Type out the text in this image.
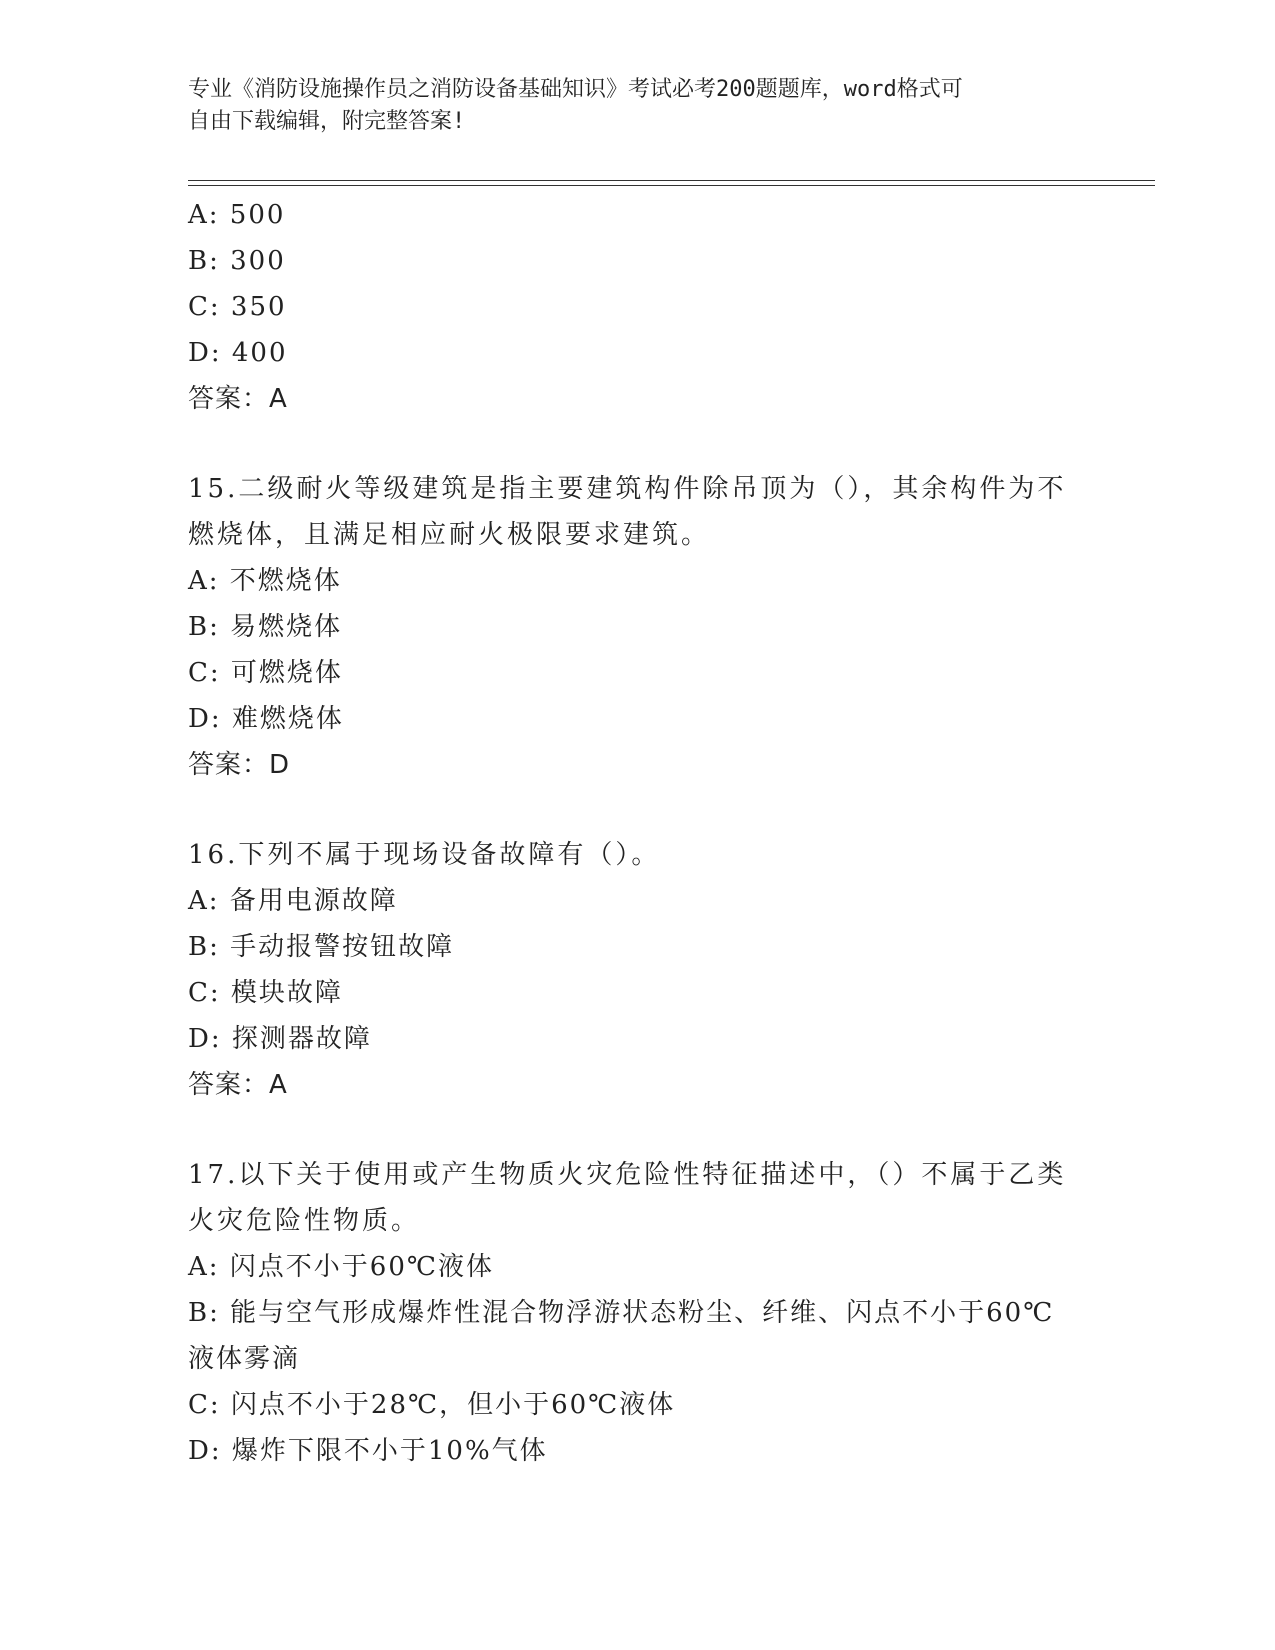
专业《消防设施操作员之消防设备基础知识》考试必考200题题库，word格式可
自由下载编辑，附完整答案!
A: 500
B: 300
C: 350
D: 400
答案：A
15.二级耐火等级建筑是指主要建筑构件除吊顶为（），其余构件为不
燃烧体，且满足相应耐火极限要求建筑。
A: 不燃烧体
B: 易燃烧体
C: 可燃烧体
D: 难燃烧体
答案：D
16.下列不属于现场设备故障有（）。
A: 备用电源故障
B: 手动报警按钮故障
C: 模块故障
D: 探测器故障
答案：A
17.以下关于使用或产生物质火灾危险性特征描述中，（）不属于乙类
火灾危险性物质。
A: 闪点不小于60℃液体
B: 能与空气形成爆炸性混合物浮游状态粉尘、纤维、闪点不小于60℃
液体雾滴
C: 闪点不小于28℃，但小于60℃液体
D: 爆炸下限不小于10%气体
